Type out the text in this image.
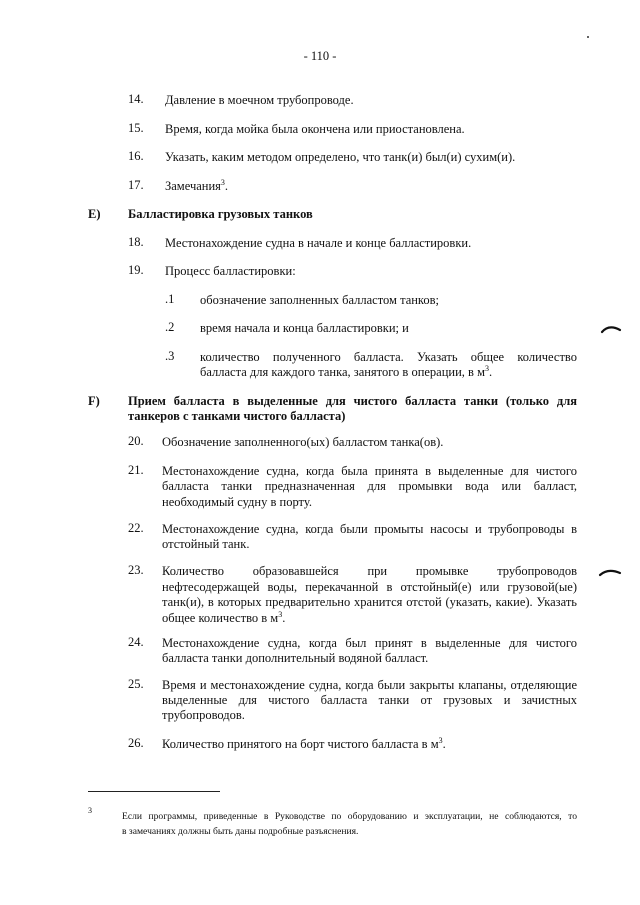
- 110 -
14. Давление в моечном трубопроводе.
15. Время, когда мойка была окончена или приостановлена.
16. Указать, каким методом определено, что танк(и) был(и) сухим(и).
17. Замечания$^3$.
E) Балластировка грузовых танков
18. Местонахождение судна в начале и конце балластировки.
19. Процесс балластировки:
.1 обозначение заполненных балластом танков;
.2 время начала и конца балластировки; и
.3 количество полученного балласта. Указать общее количество
балласта для каждого танка, занятого в операции, в $м^3$.
F) Прием балласта в выделенные для чистого балласта танки (только для
танкеров с танками чистого балласта)
20. Обозначение заполненного(ых) балластом танка(ов).
21. Местонахождение судна, когда была принята в выделенные для чистого
балласта танки предназначенная для промывки вода или балласт,
необходимый судну в порту.
22. Местонахождение судна, когда были промыты насосы и трубопроводы в
отстойный танк.
23. Количество образовавшейся при промывке трубопроводов
нефтесодержащей воды, перекачанной в отстойный(е) или грузовой(ые)
танк(и), в которых предварительно хранится отстой (указать, какие). Указать
общее количество в $м^3$.
24. Местонахождение судна, когда был принят в выделенные для чистого
балласта танки дополнительный водяной балласт.
25. Время и местонахождение судна, когда были закрыты клапаны, отделяющие
выделенные для чистого балласта танки от грузовых и зачистных
трубопроводов.
26. Количество принятого на борт чистого балласта в $м^3$.
3
Если программы, приведенные в Руководстве по оборудованию и эксплуатации, не соблюдаются, то
в замечаниях должны быть даны подробные разъяснения.
